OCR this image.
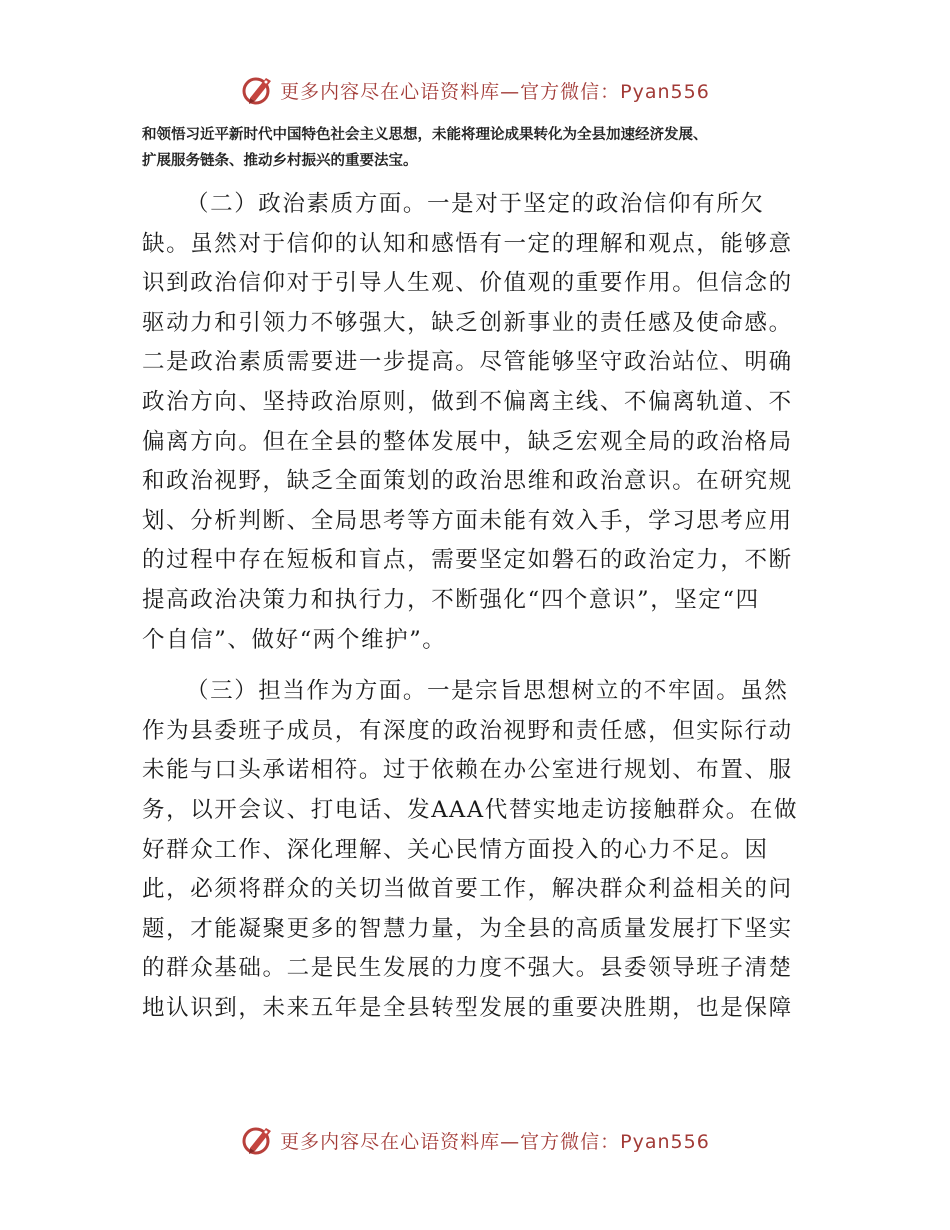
更多内容尽在心语资料库—官方微信：Pyan556

和领悟习近平新时代中国特色社会主义思想，未能将理论成果转化为全县加速经济发展、

扩展服务链条、推动乡村振兴的重要法宝。

（二）政治素质方面。一是对于坚定的政治信仰有所欠

缺。虽然对于信仰的认知和感悟有一定的理解和观点，能够意

识到政治信仰对于引导人生观、价值观的重要作用。但信念的

驱动力和引领力不够强大，缺乏创新事业的责任感及使命感。

二是政治素质需要进一步提高。尽管能够坚守政治站位、明确

政治方向、坚持政治原则，做到不偏离主线、不偏离轨道、不

偏离方向。但在全县的整体发展中，缺乏宏观全局的政治格局

和政治视野，缺乏全面策划的政治思维和政治意识。在研究规

划、分析判断、全局思考等方面未能有效入手，学习思考应用

的过程中存在短板和盲点，需要坚定如磐石的政治定力，不断

提高政治决策力和执行力，不断强化“四个意识”，坚定“四

个自信”、做好“两个维护”。

（三）担当作为方面。一是宗旨思想树立的不牢固。虽然

作为县委班子成员，有深度的政治视野和责任感，但实际行动

未能与口头承诺相符。过于依赖在办公室进行规划、布置、服

务，以开会议、打电话、发AAA代替实地走访接触群众。在做

好群众工作、深化理解、关心民情方面投入的心力不足。因

此，必须将群众的关切当做首要工作，解决群众利益相关的问

题，才能凝聚更多的智慧力量，为全县的高质量发展打下坚实

的群众基础。二是民生发展的力度不强大。县委领导班子清楚

地认识到，未来五年是全县转型发展的重要决胜期，也是保障

更多内容尽在心语资料库—官方微信：Pyan556
